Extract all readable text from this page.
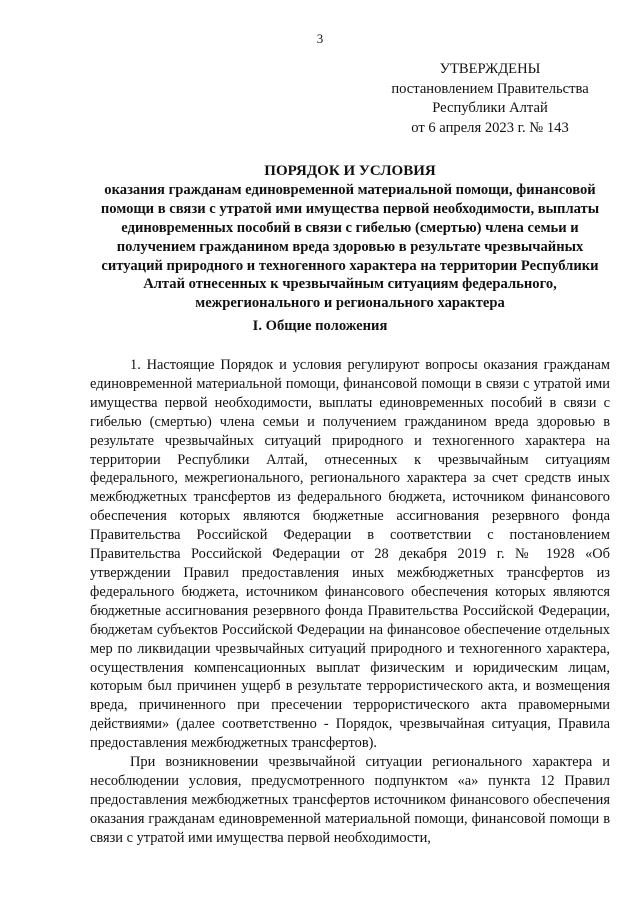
3
УТВЕРЖДЕНЫ
постановлением Правительства
Республики Алтай
от 6 апреля 2023 г. № 143
ПОРЯДОК И УСЛОВИЯ
оказания гражданам единовременной материальной помощи, финансовой помощи в связи с утратой ими имущества первой необходимости, выплаты единовременных пособий в связи с гибелью (смертью) члена семьи и получением гражданином вреда здоровью в результате чрезвычайных ситуаций природного и техногенного характера на территории Республики Алтай отнесенных к чрезвычайным ситуациям федерального, межрегионального и регионального характера
I. Общие положения

1. Настоящие Порядок и условия регулируют вопросы оказания гражданам единовременной материальной помощи, финансовой помощи в связи с утратой ими имущества первой необходимости, выплаты единовременных пособий в связи с гибелью (смертью) члена семьи и получением гражданином вреда здоровью в результате чрезвычайных ситуаций природного и техногенного характера на территории Республики Алтай, отнесенных к чрезвычайным ситуациям федерального, межрегионального, регионального характера за счет средств иных межбюджетных трансфертов из федерального бюджета, источником финансового обеспечения которых являются бюджетные ассигнования резервного фонда Правительства Российской Федерации в соответствии с постановлением Правительства Российской Федерации от 28 декабря 2019 г. № 1928 «Об утверждении Правил предоставления иных межбюджетных трансфертов из федерального бюджета, источником финансового обеспечения которых являются бюджетные ассигнования резервного фонда Правительства Российской Федерации, бюджетам субъектов Российской Федерации на финансовое обеспечение отдельных мер по ликвидации чрезвычайных ситуаций природного и техногенного характера, осуществления компенсационных выплат физическим и юридическим лицам, которым был причинен ущерб в результате террористического акта, и возмещения вреда, причиненного при пресечении террористического акта правомерными действиями» (далее соответственно - Порядок, чрезвычайная ситуация, Правила предоставления межбюджетных трансфертов).

При возникновении чрезвычайной ситуации регионального характера и несоблюдении условия, предусмотренного подпунктом «а» пункта 12 Правил предоставления межбюджетных трансфертов источником финансового обеспечения оказания гражданам единовременной материальной помощи, финансовой помощи в связи с утратой ими имущества первой необходимости,
